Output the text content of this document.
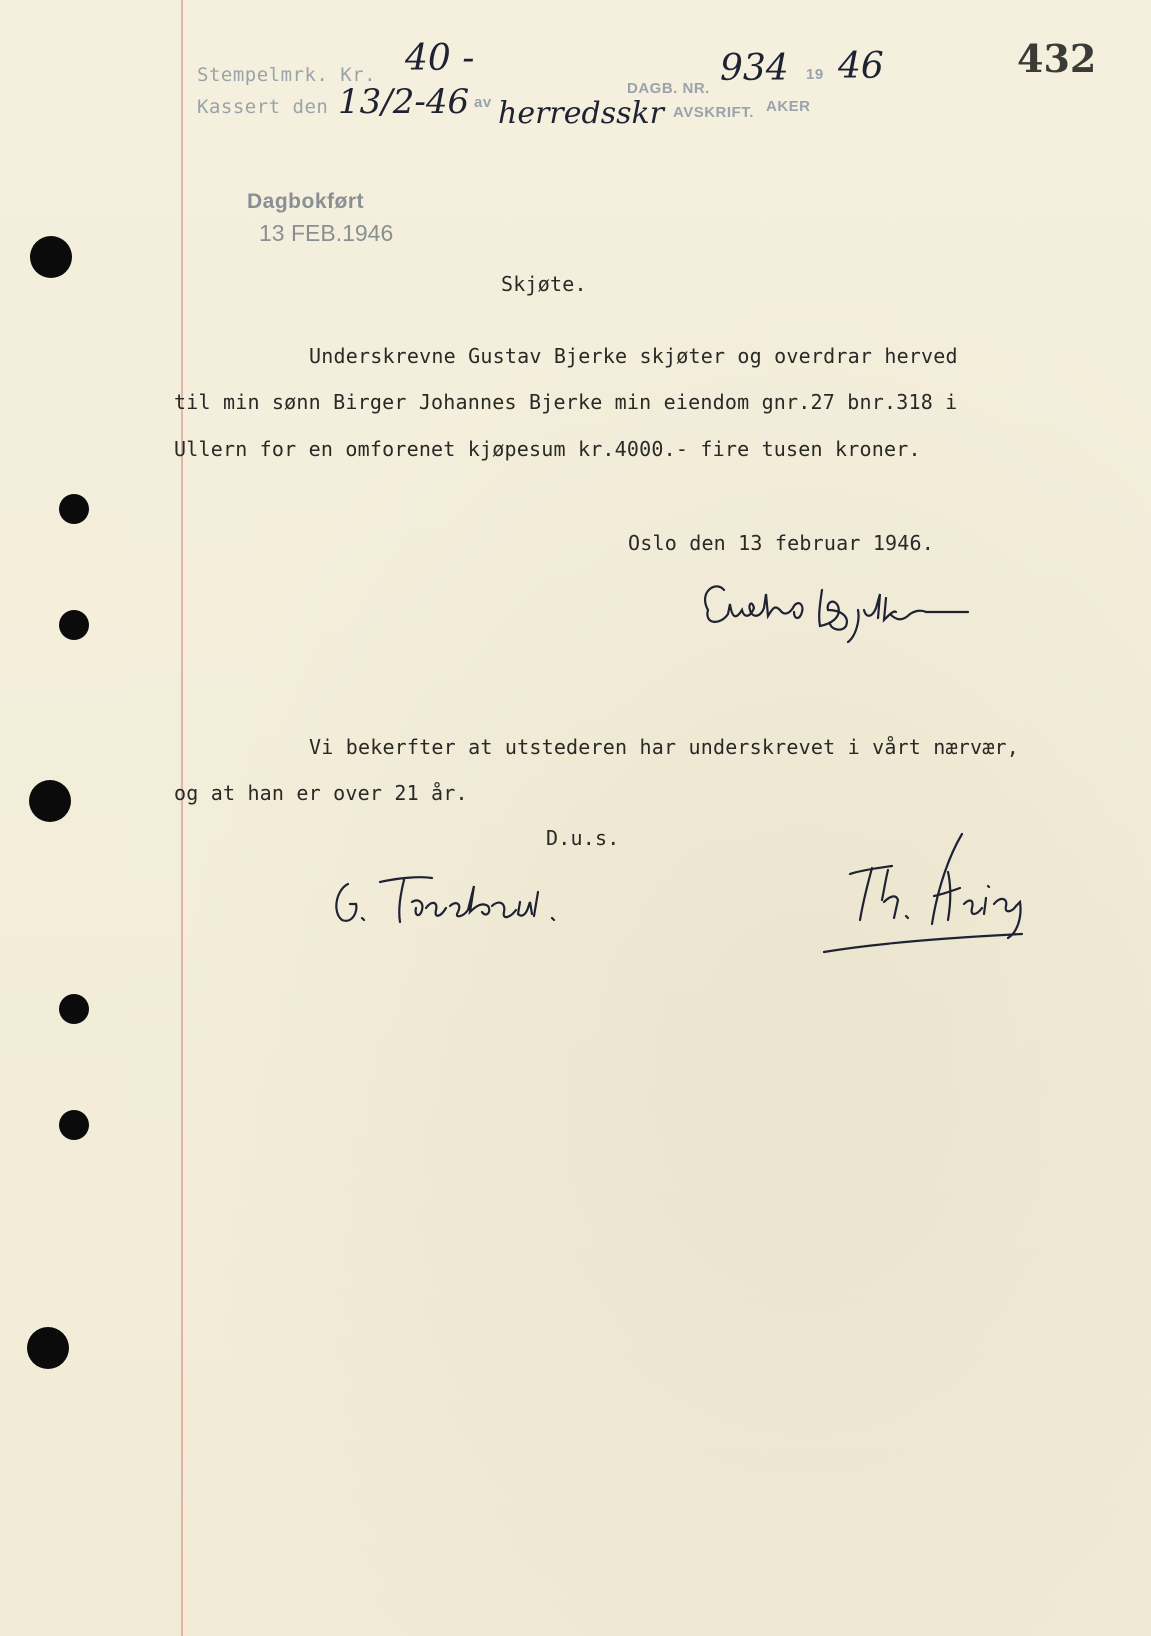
Stempelmrk. Kr. 40 -
Kassert den 13/2-46 av herredsskr
DAGB. NR. 934 19 46
AVSKRIFT. AKER
432
Dagbokført
13 FEB.1946
Skjøte.
Underskrevne Gustav Bjerke skjøter og overdrar herved
til min sønn Birger Johannes Bjerke min eiendom gnr.27 bnr.318 i
Ullern for en omforenet kjøpesum kr.4000.- fire tusen kroner.
Oslo den 13 februar 1946.
Vi bekerfter at utstederen har underskrevet i vårt nærvær,
og at han er over 21 år.
D.u.s.
